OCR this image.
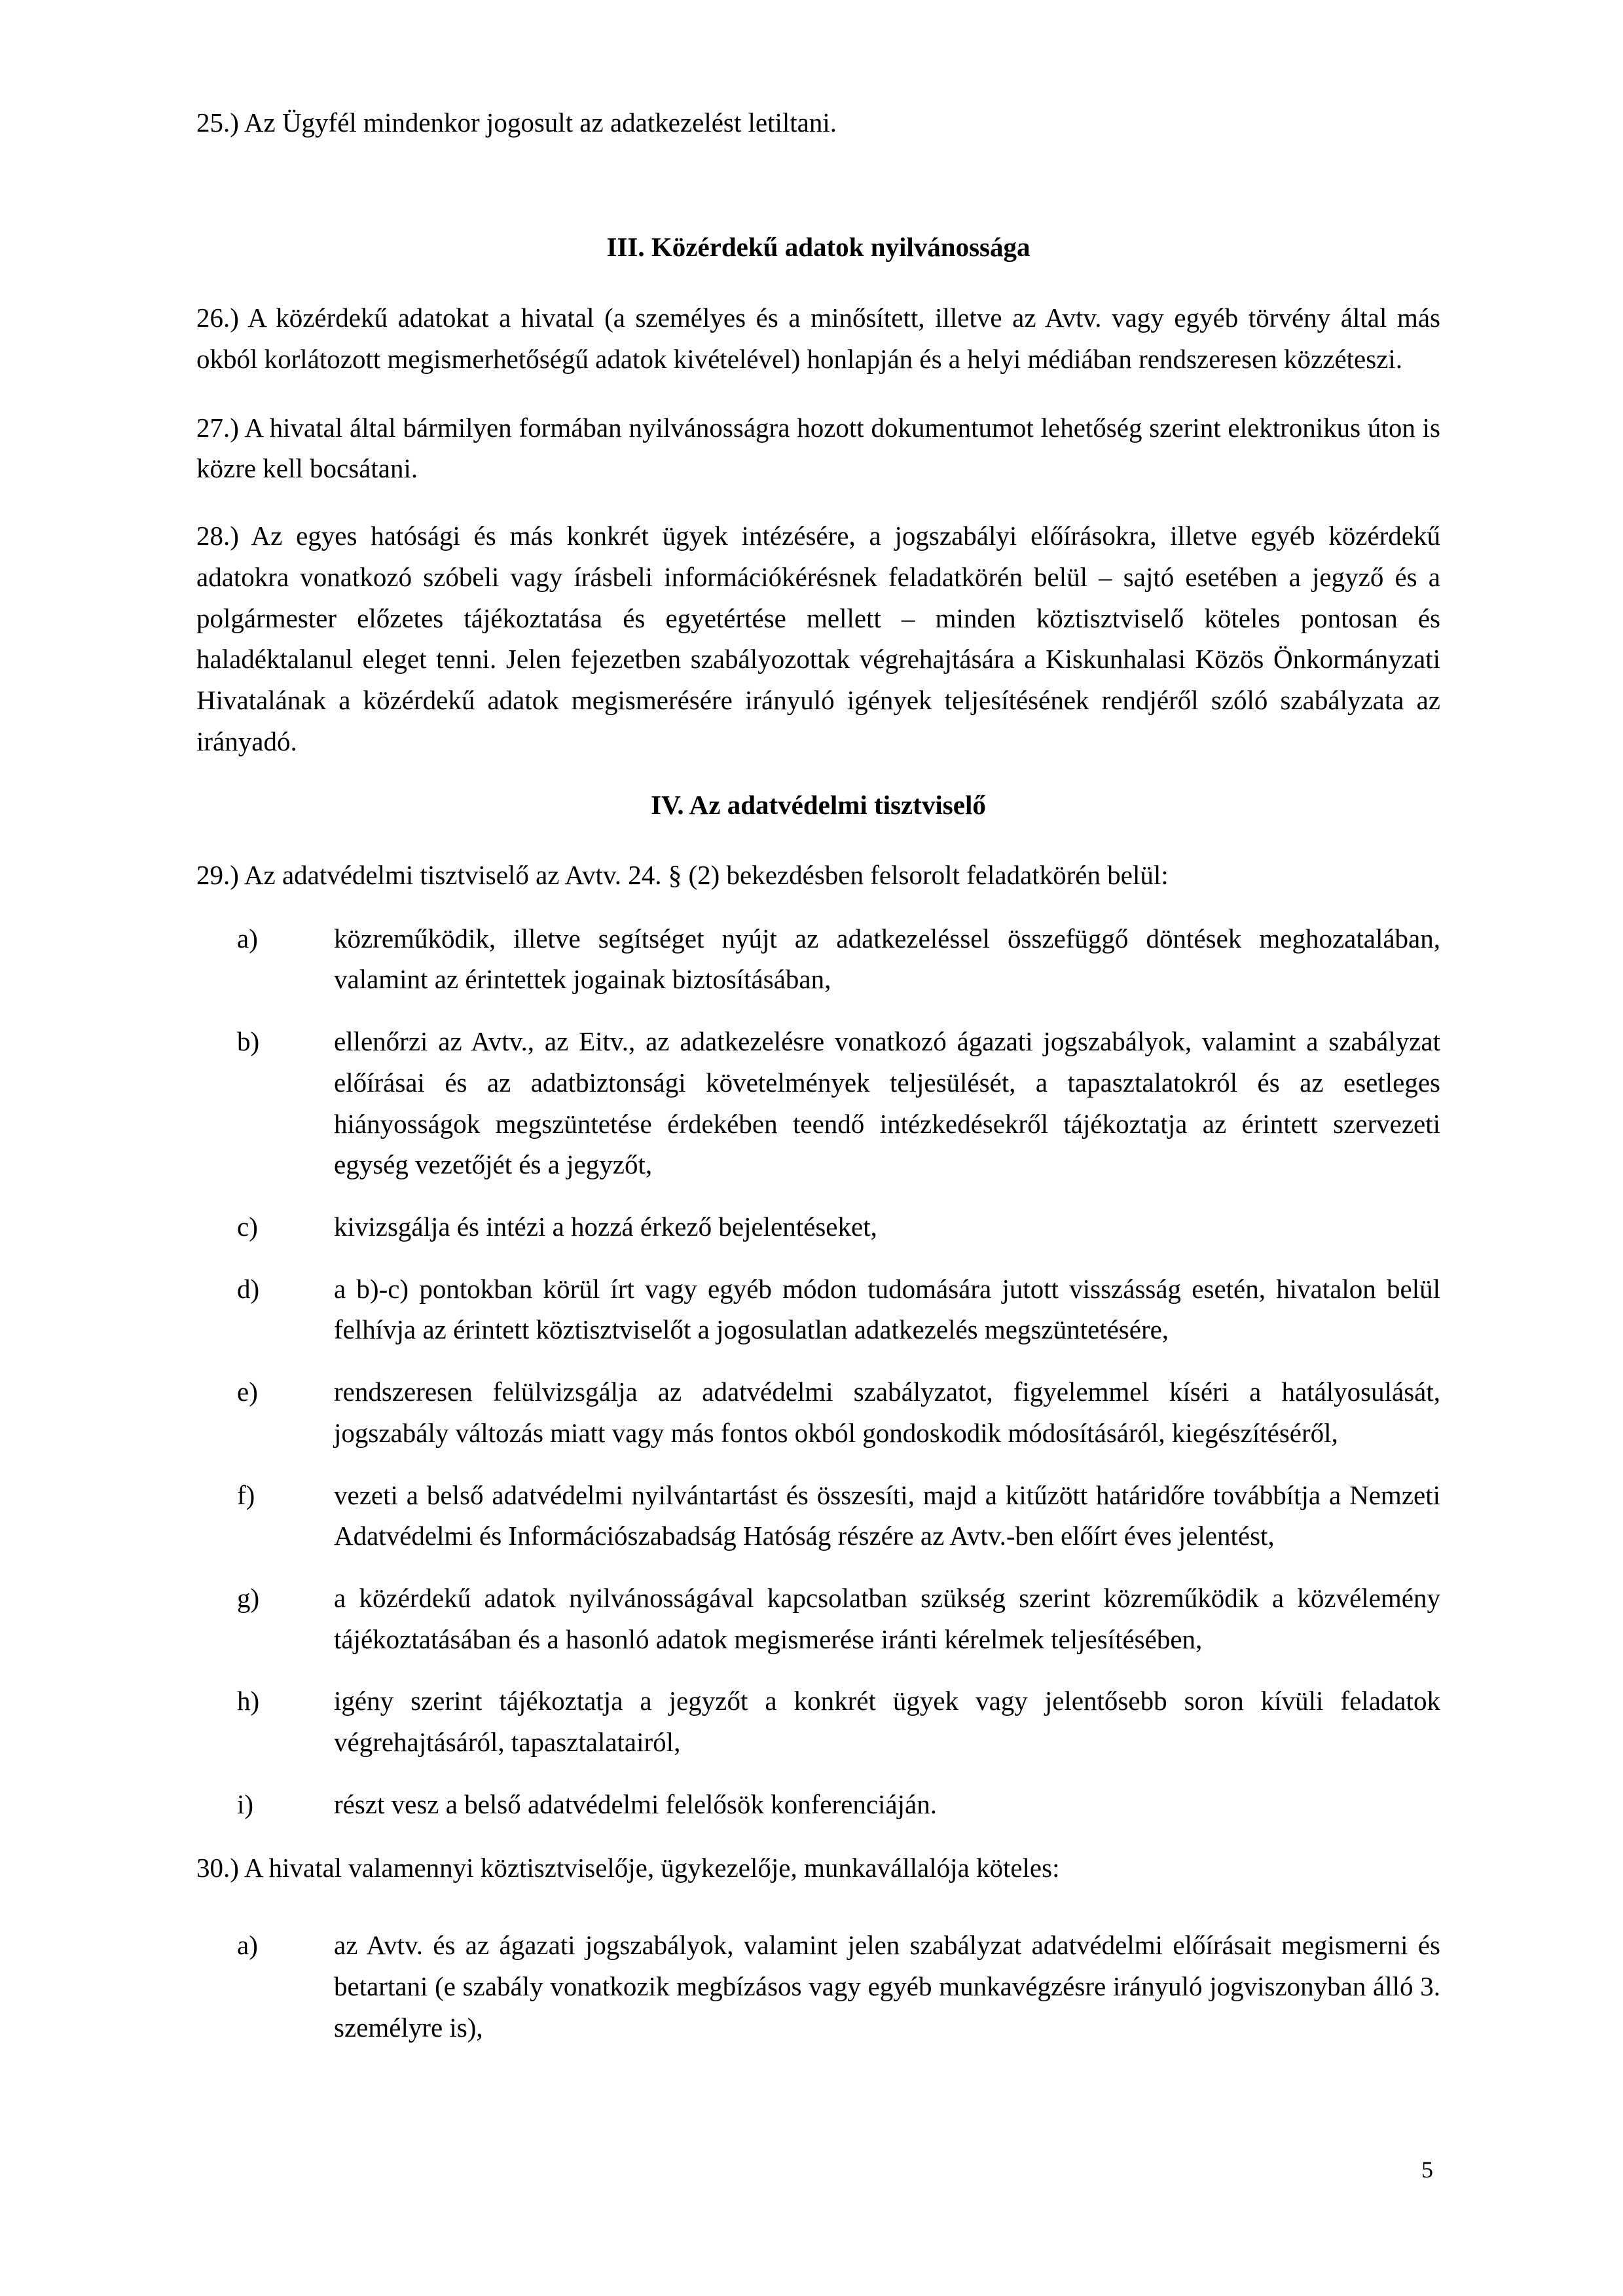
25.) Az Ügyfél mindenkor jogosult az adatkezelést letiltani.
III. Közérdekű adatok nyilvánossága
26.) A közérdekű adatokat a hivatal (a személyes és a minősített, illetve az Avtv. vagy egyéb törvény által más okból korlátozott megismerhetőségű adatok kivételével) honlapján és a helyi médiában rendszeresen közzéteszi.
27.) A hivatal által bármilyen formában nyilvánosságra hozott dokumentumot lehetőség szerint elektronikus úton is közre kell bocsátani.
28.) Az egyes hatósági és más konkrét ügyek intézésére, a jogszabályi előírásokra, illetve egyéb közérdekű adatokra vonatkozó szóbeli vagy írásbeli információkérésnek feladatkörén belül – sajtó esetében a jegyző és a polgármester előzetes tájékoztatása és egyetértése mellett – minden köztisztviselő köteles pontosan és haladéktalanul eleget tenni. Jelen fejezetben szabályozottak végrehajtására a Kiskunhalasi Közös Önkormányzati Hivatalának a közérdekű adatok megismerésére irányuló igények teljesítésének rendjéről szóló szabályzata az irányadó.
IV. Az adatvédelmi tisztviselő
29.) Az adatvédelmi tisztviselő az Avtv. 24. § (2) bekezdésben felsorolt feladatkörén belül:
a)	közreműködik, illetve segítséget nyújt az adatkezeléssel összefüggő döntések meghozatalában, valamint az érintettek jogainak biztosításában,
b)	ellenőrzi az Avtv., az Eitv., az adatkezelésre vonatkozó ágazati jogszabályok, valamint a szabályzat előírásai és az adatbiztonsági követelmények teljesülését, a tapasztalatokról és az esetleges hiányosságok megszüntetése érdekében teendő intézkedésekről tájékoztatja az érintett szervezeti egység vezetőjét és a jegyzőt,
c)	kivizsgálja és intézi a hozzá érkező bejelentéseket,
d)	a b)-c) pontokban körül írt vagy egyéb módon tudomására jutott visszásság esetén, hivatalon belül felhívja az érintett köztisztviselőt a jogosulatlan adatkezelés megszüntetésére,
e)	rendszeresen felülvizsgálja az adatvédelmi szabályzatot, figyelemmel kíséri a hatályosulását, jogszabály változás miatt vagy más fontos okból gondoskodik módosításáról, kiegészítéséről,
f)	vezeti a belső adatvédelmi nyilvántartást és összesíti, majd a kitűzött határidőre továbbítja a Nemzeti Adatvédelmi és Információszabadság Hatóság részére az Avtv.-ben előírt éves jelentést,
g)	a közérdekű adatok nyilvánosságával kapcsolatban szükség szerint közreműködik a közvélemény tájékoztatásában és a hasonló adatok megismerése iránti kérelmek teljesítésében,
h)	igény szerint tájékoztatja a jegyzőt a konkrét ügyek vagy jelentősebb soron kívüli feladatok végrehajtásáról, tapasztalatairól,
i)	részt vesz a belső adatvédelmi felelősök konferenciáján.
30.) A hivatal valamennyi köztisztviselője, ügykezelője, munkavállalója köteles:
a)	az Avtv. és az ágazati jogszabályok, valamint jelen szabályzat adatvédelmi előírásait megismerni és betartani (e szabály vonatkozik megbízásos vagy egyéb munkavégzésre irányuló jogviszonyban álló 3. személyre is),
5
